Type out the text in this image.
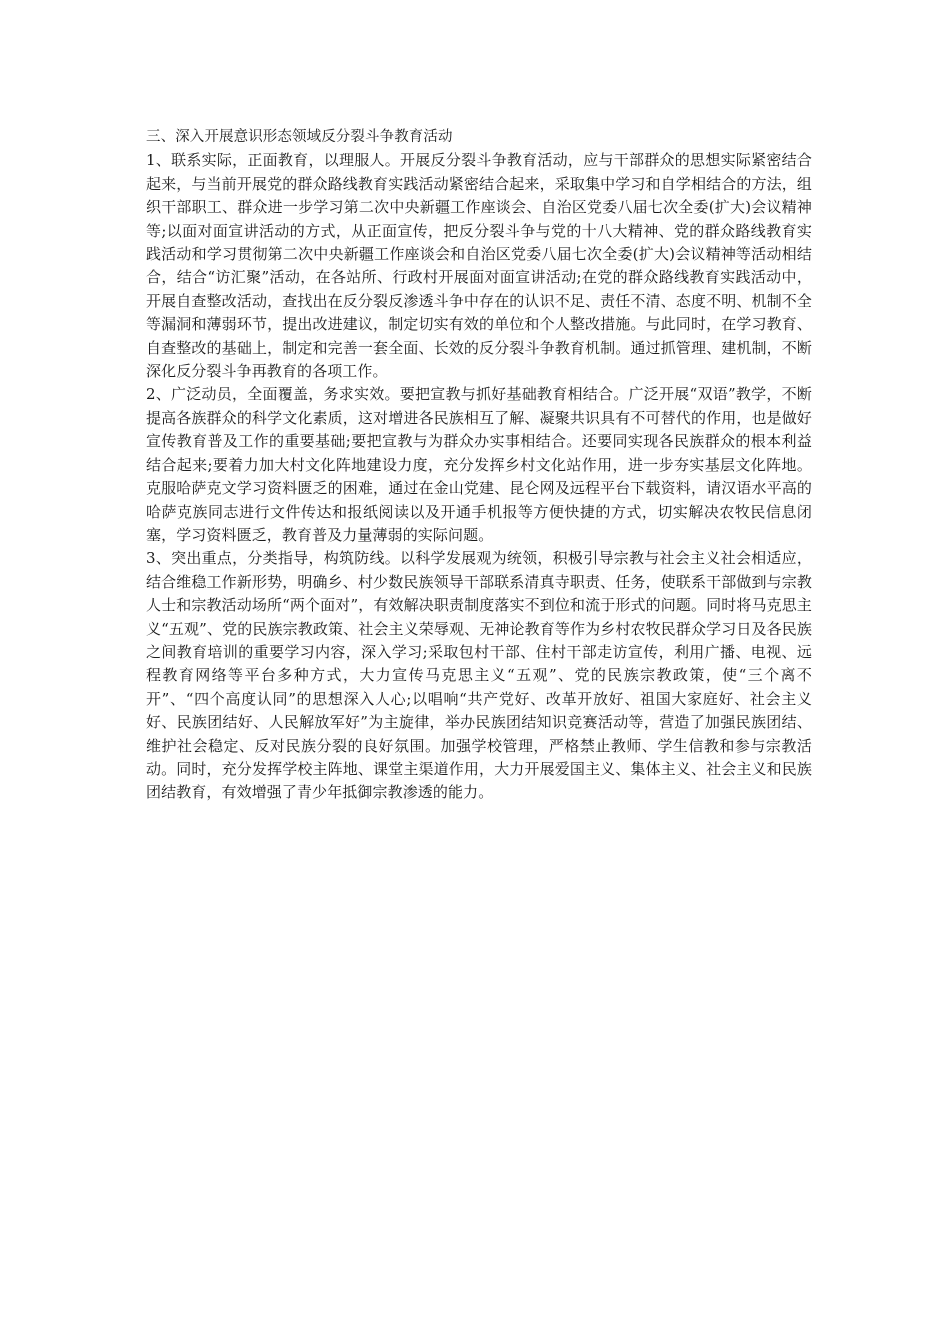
三、深入开展意识形态领域反分裂斗争教育活动

1、联系实际，正面教育，以理服人。开展反分裂斗争教育活动，应与干部群众的思想实际紧密结合起来，与当前开展党的群众路线教育实践活动紧密结合起来，采取集中学习和自学相结合的方法，组织干部职工、群众进一步学习第二次中央新疆工作座谈会、自治区党委八届七次全委(扩大)会议精神等;以面对面宣讲活动的方式，从正面宣传，把反分裂斗争与党的十八大精神、党的群众路线教育实践活动和学习贯彻第二次中央新疆工作座谈会和自治区党委八届七次全委(扩大)会议精神等活动相结合，结合“访汇聚”活动，在各站所、行政村开展面对面宣讲活动;在党的群众路线教育实践活动中，开展自查整改活动，查找出在反分裂反渗透斗争中存在的认识不足、责任不清、态度不明、机制不全等漏洞和薄弱环节，提出改进建议，制定切实有效的单位和个人整改措施。与此同时，在学习教育、自查整改的基础上，制定和完善一套全面、长效的反分裂斗争教育机制。通过抓管理、建机制，不断深化反分裂斗争再教育的各项工作。

2、广泛动员，全面覆盖，务求实效。要把宣教与抓好基础教育相结合。广泛开展“双语”教学，不断提高各族群众的科学文化素质，这对增进各民族相互了解、凝聚共识具有不可替代的作用，也是做好宣传教育普及工作的重要基础;要把宣教与为群众办实事相结合。还要同实现各民族群众的根本利益结合起来;要着力加大村文化阵地建设力度，充分发挥乡村文化站作用，进一步夯实基层文化阵地。克服哈萨克文学习资料匮乏的困难，通过在金山党建、昆仑网及远程平台下载资料，请汉语水平高的哈萨克族同志进行文件传达和报纸阅读以及开通手机报等方便快捷的方式，切实解决农牧民信息闭塞，学习资料匮乏，教育普及力量薄弱的实际问题。

3、突出重点，分类指导，构筑防线。以科学发展观为统领，积极引导宗教与社会主义社会相适应，结合维稳工作新形势，明确乡、村少数民族领导干部联系清真寺职责、任务，使联系干部做到与宗教人士和宗教活动场所“两个面对”，有效解决职责制度落实不到位和流于形式的问题。同时将马克思主义“五观”、党的民族宗教政策、社会主义荣辱观、无神论教育等作为乡村农牧民群众学习日及各民族之间教育培训的重要学习内容，深入学习;采取包村干部、住村干部走访宣传，利用广播、电视、远程教育网络等平台多种方式，大力宣传马克思主义“五观”、党的民族宗教政策，使“三个离不开”、“四个高度认同”的思想深入人心;以唱响“共产党好、改革开放好、祖国大家庭好、社会主义好、民族团结好、人民解放军好”为主旋律，举办民族团结知识竞赛活动等，营造了加强民族团结、维护社会稳定、反对民族分裂的良好氛围。加强学校管理，严格禁止教师、学生信教和参与宗教活动。同时，充分发挥学校主阵地、课堂主渠道作用，大力开展爱国主义、集体主义、社会主义和民族团结教育，有效增强了青少年抵御宗教渗透的能力。
